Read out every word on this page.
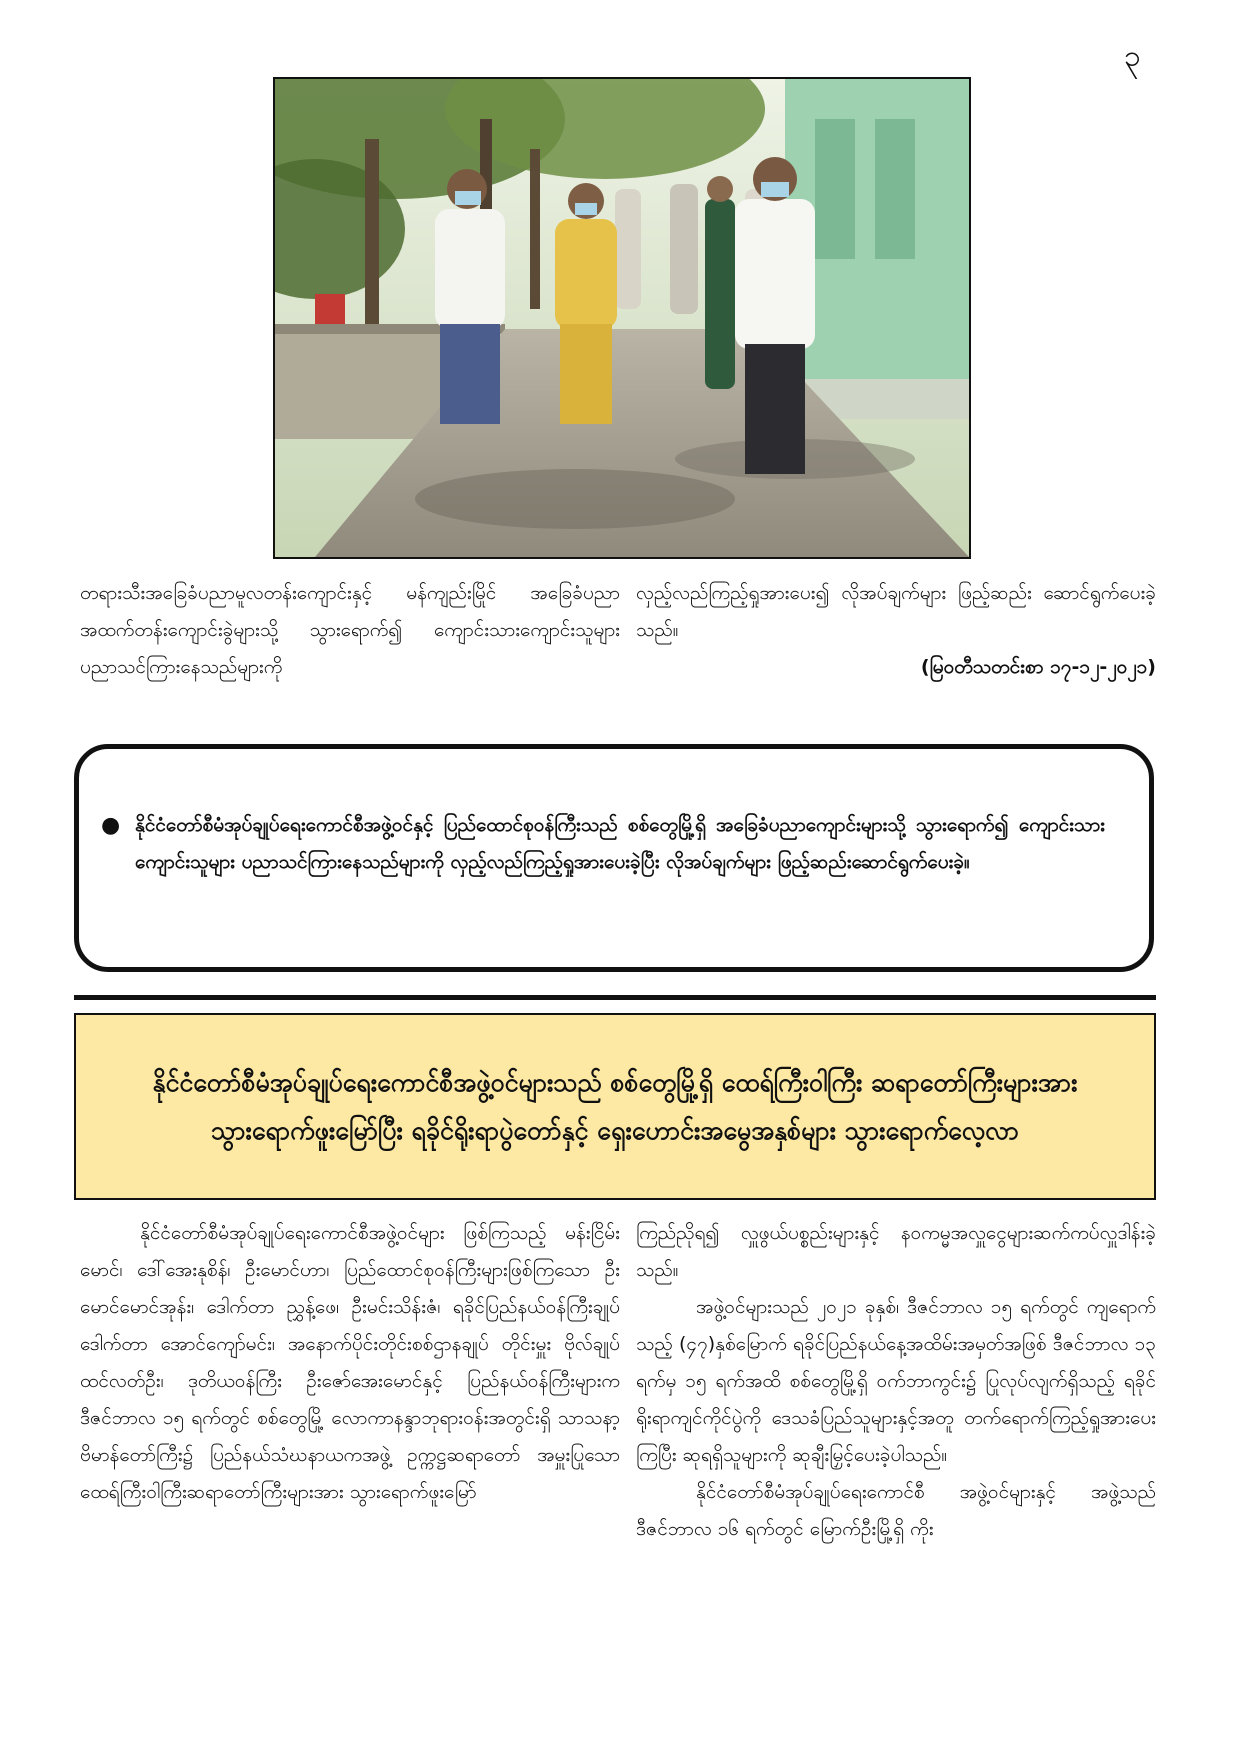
၃

တရားသီးအခြေခံပညာမူလတန်းကျောင်းနှင့် မန်ကျည်းမြိုင် အခြေခံပညာအထက်တန်းကျောင်းခွဲများသို့ သွားရောက်၍ ကျောင်းသားကျောင်းသူများ ပညာသင်ကြားနေသည်များကို

လှည့်လည်ကြည့်ရှုအားပေး၍ လိုအပ်ချက်များ ဖြည့်ဆည်း ဆောင်ရွက်ပေးခဲ့သည်။

(မြဝတီသတင်းစာ ၁၇-၁၂-၂၀၂၁)

● နိုင်ငံတော်စီမံအုပ်ချုပ်ရေးကောင်စီအဖွဲ့ဝင်နှင့် ပြည်ထောင်စုဝန်ကြီးသည် စစ်တွေမြို့ရှိ အခြေခံပညာကျောင်းများသို့ သွားရောက်၍ ကျောင်းသားကျောင်းသူများ ပညာသင်ကြားနေသည်များကို လှည့်လည်ကြည့်ရှုအားပေးခဲ့ပြီး လိုအပ်ချက်များ ဖြည့်ဆည်းဆောင်ရွက်ပေးခဲ့။
နိုင်ငံတော်စီမံအုပ်ချုပ်ရေးကောင်စီအဖွဲ့ဝင်များသည် စစ်တွေမြို့ရှိ ထေရ်ကြီးဝါကြီး ဆရာတော်ကြီးများအား သွားရောက်ဖူးမြော်ပြီး ရခိုင်ရိုးရာပွဲတော်နှင့် ရှေးဟောင်းအမွေအနှစ်များ သွားရောက်လေ့လာ

နိုင်ငံတော်စီမံအုပ်ချုပ်ရေးကောင်စီအဖွဲ့ဝင်များ ဖြစ်ကြသည့် မန်းငြိမ်းမောင်၊ ဒေါ်အေးနုစိန်၊ ဦးမောင်ဟာ၊ ပြည်ထောင်စုဝန်ကြီးများဖြစ်ကြသော ဦးမောင်မောင်အုန်း၊ ဒေါက်တာ ညွှန့်ဖေ၊ ဦးမင်းသိန်းဇံ၊ ရခိုင်ပြည်နယ်ဝန်ကြီးချုပ် ဒေါက်တာ အောင်ကျော်မင်း၊ အနောက်ပိုင်းတိုင်းစစ်ဌာနချုပ် တိုင်းမှူး ဗိုလ်ချုပ်ထင်လတ်ဦး၊ ဒုတိယဝန်ကြီး ဦးဇော်အေးမောင်နှင့် ပြည်နယ်ဝန်ကြီးများက ဒီဇင်ဘာလ ၁၅ ရက်တွင် စစ်တွေမြို့ လောကာနန္ဒာဘုရားဝန်းအတွင်းရှိ သာသနာ့ဗိမာန်တော်ကြီး၌ ပြည်နယ်သံဃနာယကအဖွဲ့ ဥက္ကဋ္ဌဆရာတော် အမှူးပြုသော ထေရ်ကြီးဝါကြီးဆရာတော်ကြီးများအား သွားရောက်ဖူးမြော်

ကြည်ညိုရ၍ လှူဖွယ်ပစ္စည်းများနှင့် နဝကမ္မအလှူငွေများဆက်ကပ်လှူဒါန်းခဲ့သည်။

အဖွဲ့ဝင်များသည် ၂၀၂၁ ခုနှစ်၊ ဒီဇင်ဘာလ ၁၅ ရက်တွင် ကျရောက်သည့် (၄၇)နှစ်မြောက် ရခိုင်ပြည်နယ်နေ့အထိမ်းအမှတ်အဖြစ် ဒီဇင်ဘာလ ၁၃ ရက်မှ ၁၅ ရက်အထိ စစ်တွေမြို့ရှိ ဝက်ဘာကွင်း၌ ပြုလုပ်လျက်ရှိသည့် ရခိုင်ရိုးရာကျင်ကိုင်ပွဲကို ဒေသခံပြည်သူများနှင့်အတူ တက်ရောက်ကြည့်ရှုအားပေးကြပြီး ဆုရရှိသူများကို ဆုချီးမြှင့်ပေးခဲ့ပါသည်။

နိုင်ငံတော်စီမံအုပ်ချုပ်ရေးကောင်စီ အဖွဲ့ဝင်များနှင့် အဖွဲ့သည် ဒီဇင်ဘာလ ၁၆ ရက်တွင် မြောက်ဦးမြို့ရှိ ကိုး
